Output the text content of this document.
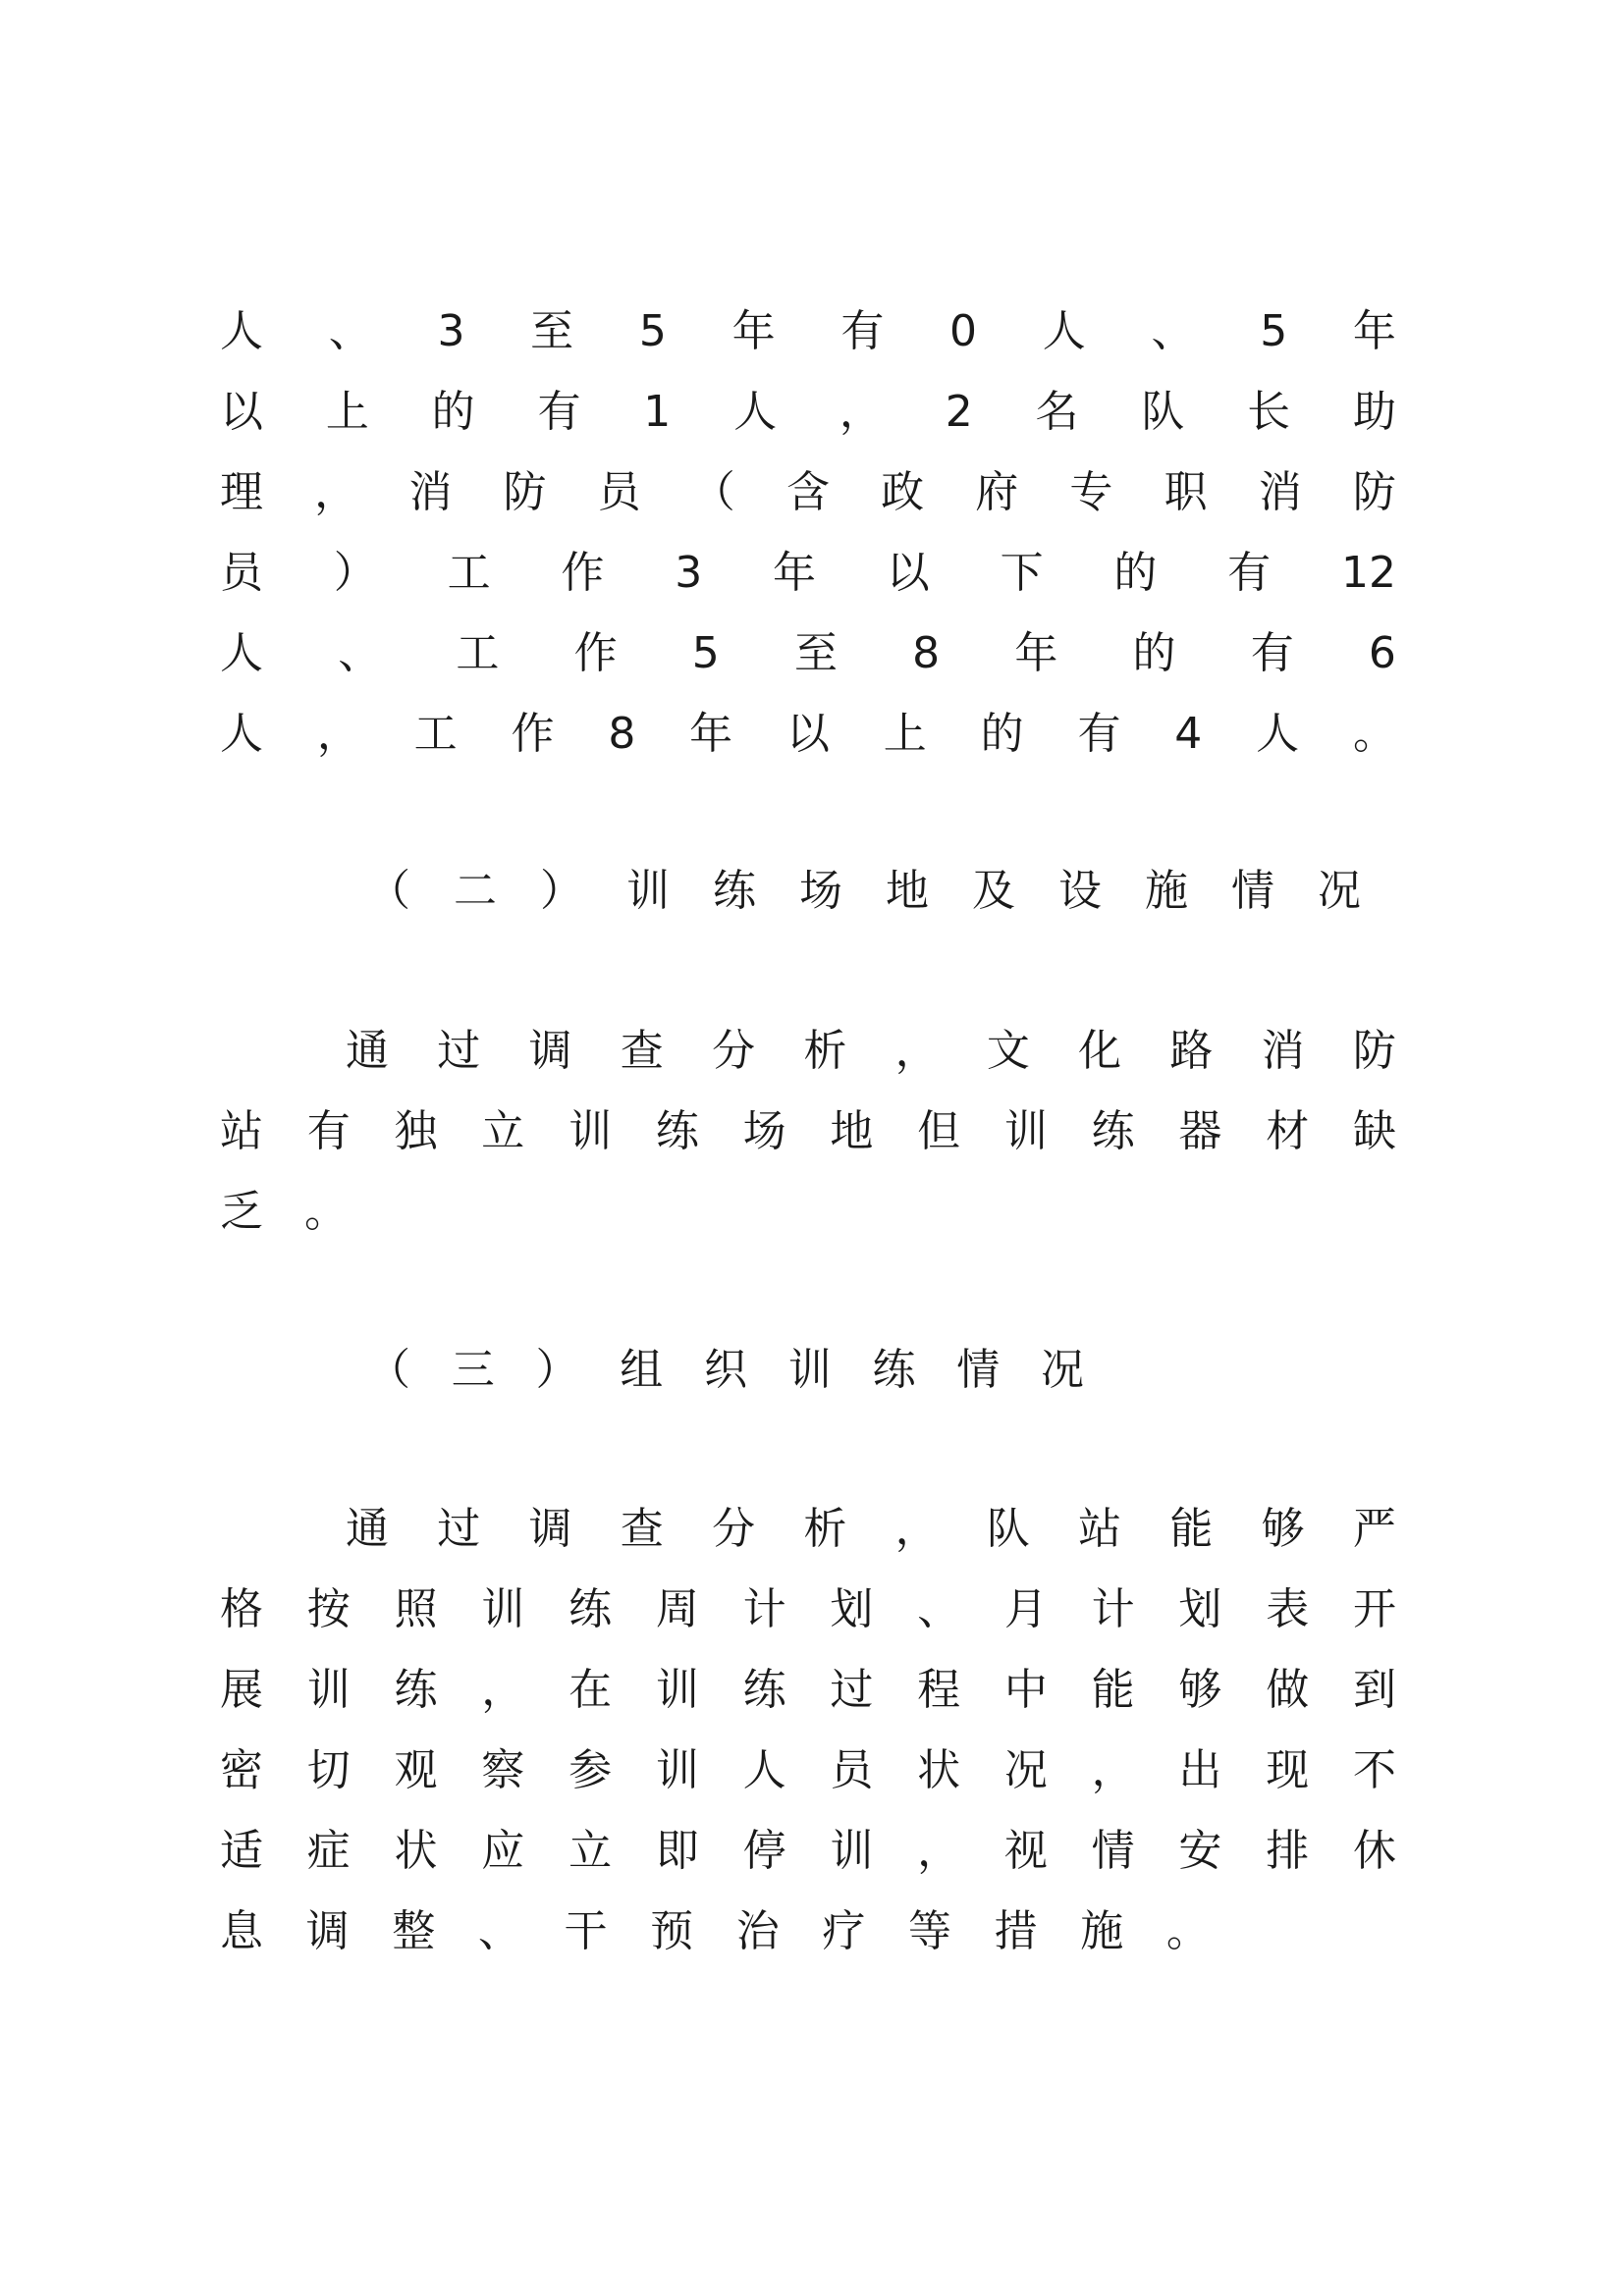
人 、 3 至 5 年 有 0 人 、 5 年
以 上 的 有 1 人 ， 2 名 队 长 助
理 ， 消 防 员 （ 含 政 府 专 职 消 防
员 ） 工 作 3 年 以 下 的 有 12
人 、 工 作 5 至 8 年 的 有 6
人 ， 工 作 8 年 以 上 的 有 4 人 。
（ 二 ） 训 练 场 地 及 设 施 情 况
通 过 调 查 分 析 ， 文 化 路 消 防
站 有 独 立 训 练 场 地 但 训 练 器 材 缺
乏 。
（ 三 ） 组 织 训 练 情 况
通 过 调 查 分 析 ， 队 站 能 够 严
格 按 照 训 练 周 计 划 、 月 计 划 表 开
展 训 练 ， 在 训 练 过 程 中 能 够 做 到
密 切 观 察 参 训 人 员 状 况 ， 出 现 不
适 症 状 应 立 即 停 训 ， 视 情 安 排 休
息 调 整 、 干 预 治 疗 等 措 施 。
